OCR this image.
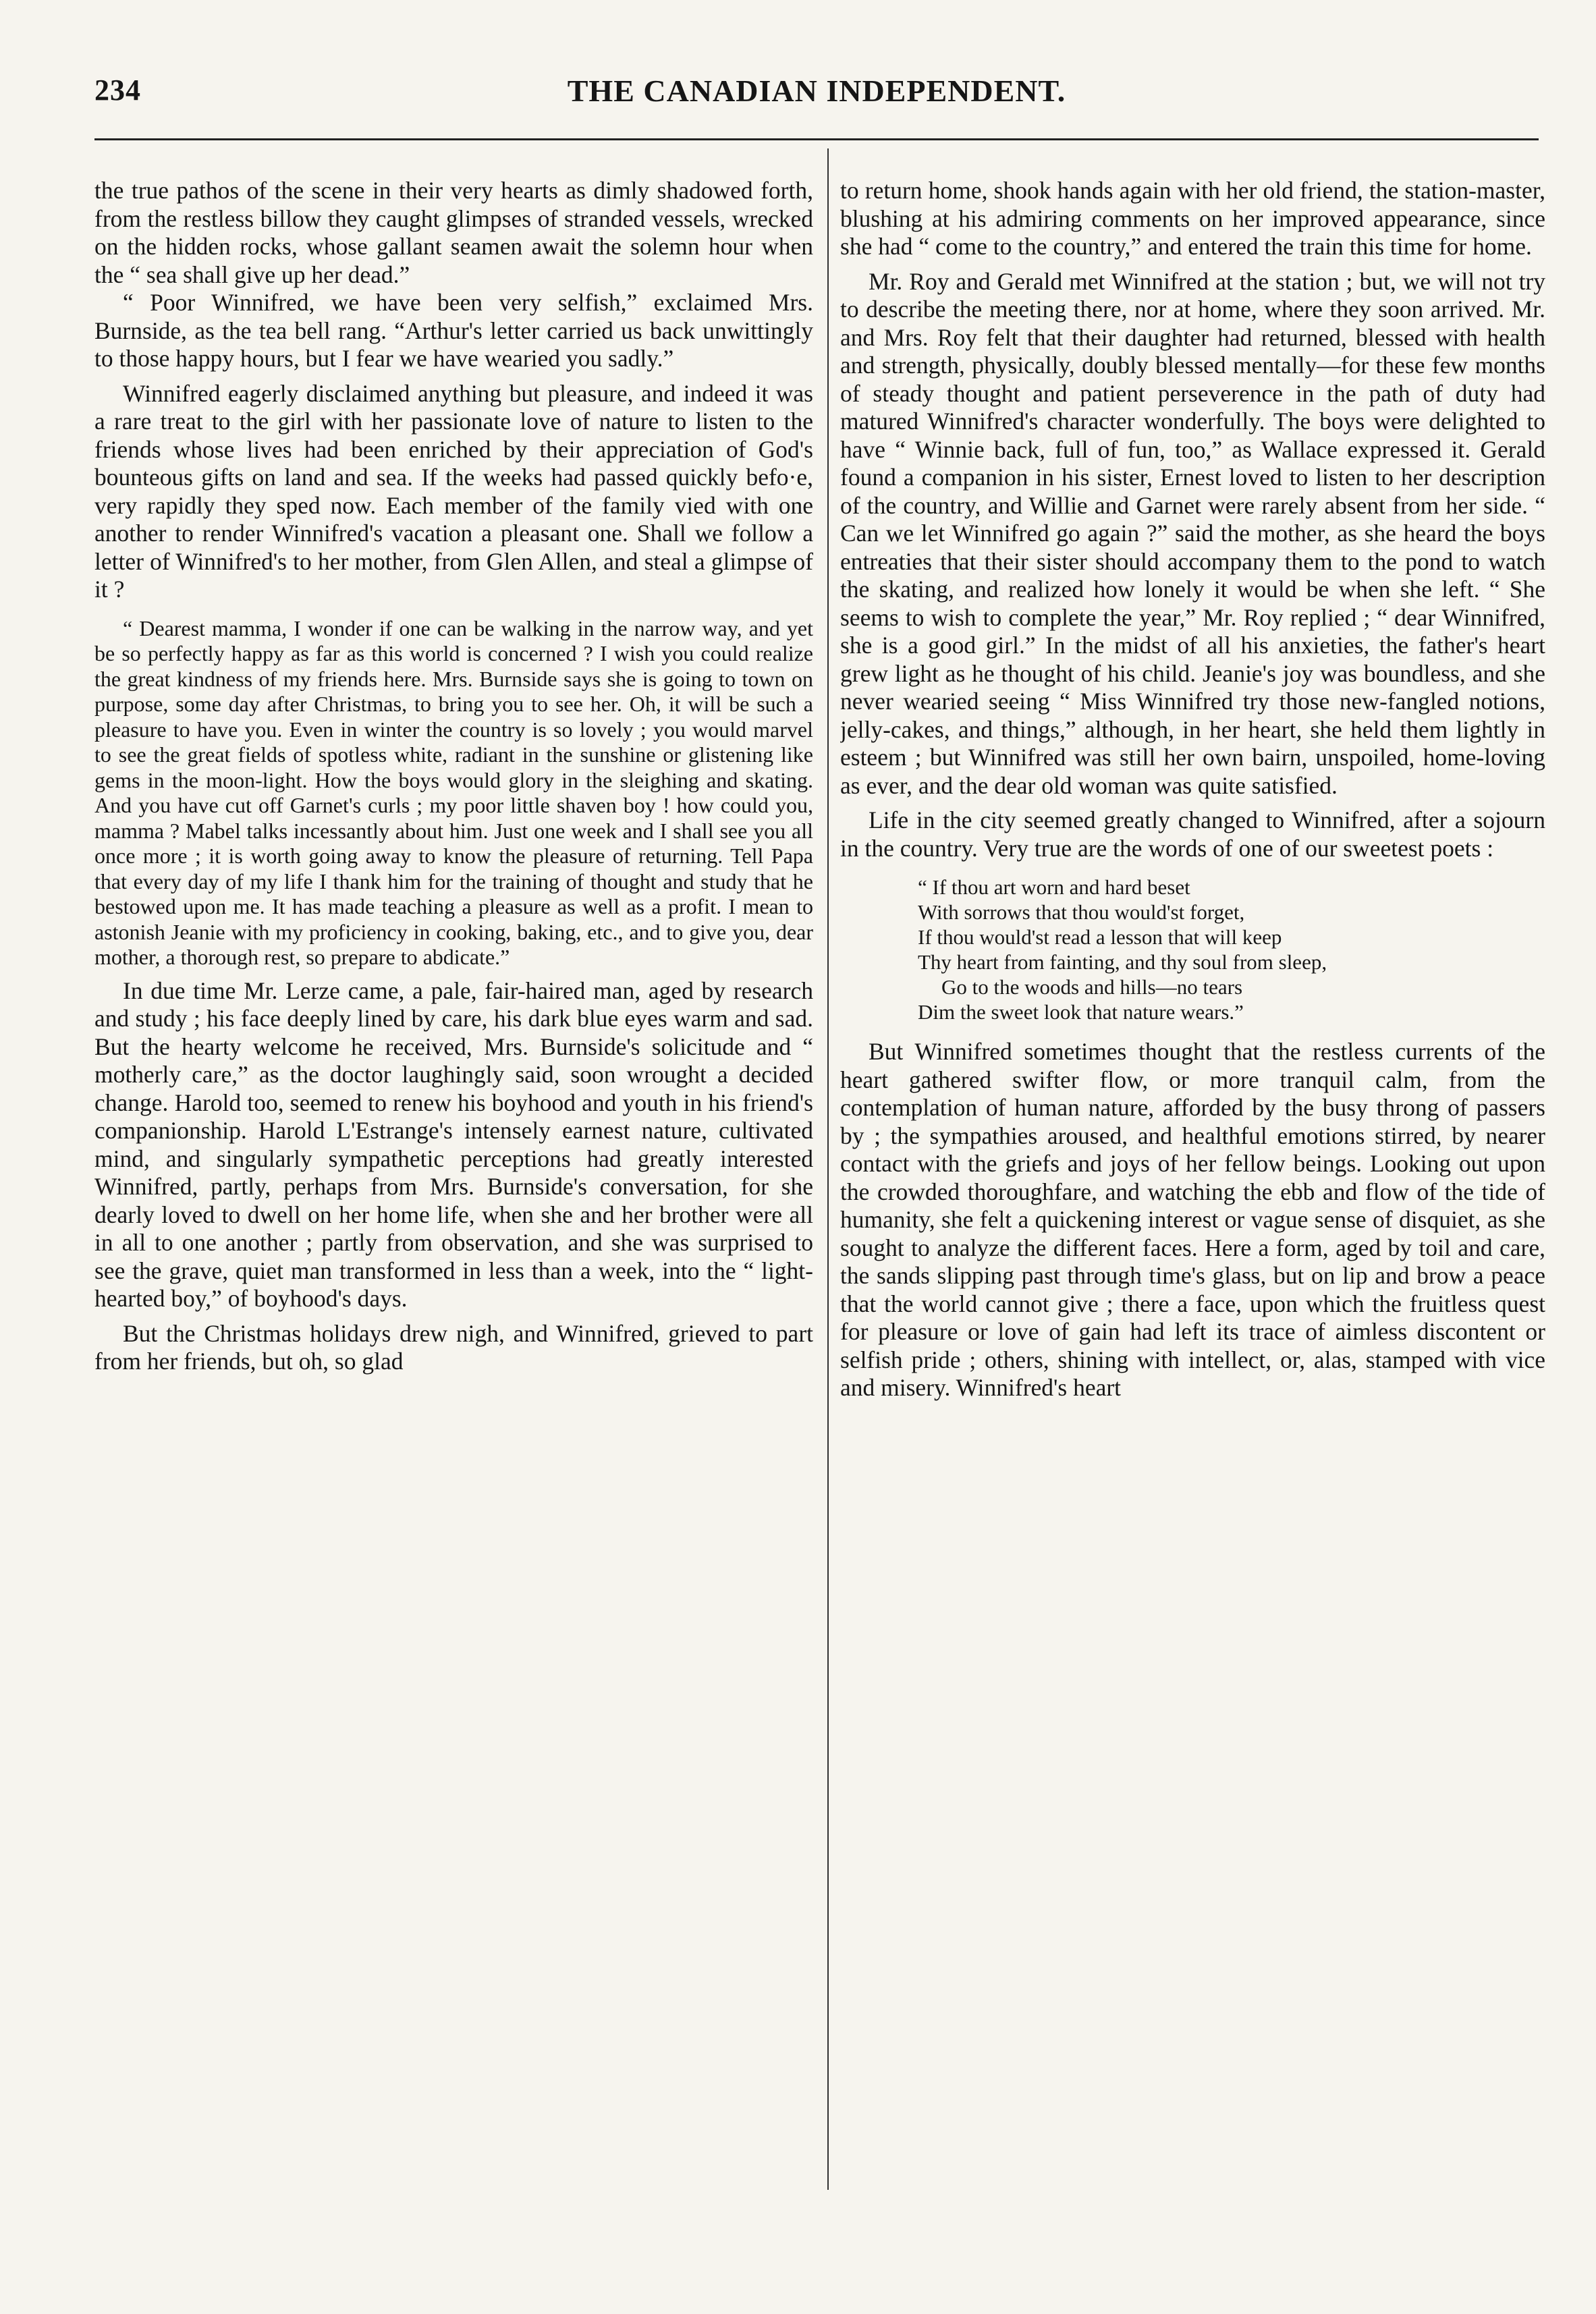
234	THE CANADIAN INDEPENDENT.

the true pathos of the scene in their very hearts as dimly shadowed forth, from the restless billow they caught glimpses of stranded vessels, wrecked on the hidden rocks, whose gallant seamen await the solemn hour when the “ sea shall give up her dead.”

“ Poor Winnifred, we have been very selfish,” exclaimed Mrs. Burnside, as the tea bell rang. “Arthur's letter carried us back unwittingly to those happy hours, but I fear we have wearied you sadly.”

Winnifred eagerly disclaimed anything but pleasure, and indeed it was a rare treat to the girl with her passionate love of nature to listen to the friends whose lives had been enriched by their appreciation of God's bounteous gifts on land and sea. If the weeks had passed quickly befo·e, very rapidly they sped now. Each member of the family vied with one another to render Winnifred's vacation a pleasant one. Shall we follow a letter of Winnifred's to her mother, from Glen Allen, and steal a glimpse of it ?

“ Dearest mamma, I wonder if one can be walking in the narrow way, and yet be so perfectly happy as far as this world is concerned ? I wish you could realize the great kindness of my friends here. Mrs. Burnside says she is going to town on purpose, some day after Christmas, to bring you to see her. Oh, it will be such a pleasure to have you. Even in winter the country is so lovely ; you would marvel to see the great fields of spotless white, radiant in the sunshine or glistening like gems in the moon-light. How the boys would glory in the sleighing and skating. And you have cut off Garnet's curls ; my poor little shaven boy ! how could you, mamma ? Mabel talks incessantly about him. Just one week and I shall see you all once more ; it is worth going away to know the pleasure of returning. Tell Papa that every day of my life I thank him for the training of thought and study that he bestowed upon me. It has made teaching a pleasure as well as a profit. I mean to astonish Jeanie with my proficiency in cooking, baking, etc., and to give you, dear mother, a thorough rest, so prepare to abdicate.”

In due time Mr. Lerze came, a pale, fair-haired man, aged by research and study ; his face deeply lined by care, his dark blue eyes warm and sad. But the hearty welcome he received, Mrs. Burnside's solicitude and “ motherly care,” as the doctor laughingly said, soon wrought a decided change. Harold too, seemed to renew his boyhood and youth in his friend's companionship. Harold L'Estrange's intensely earnest nature, cultivated mind, and singularly sympathetic perceptions had greatly interested Winnifred, partly, perhaps from Mrs. Burnside's conversation, for she dearly loved to dwell on her home life, when she and her brother were all in all to one another ; partly from observation, and she was surprised to see the grave, quiet man transformed in less than a week, into the “ light-hearted boy,” of boyhood's days.

But the Christmas holidays drew nigh, and Winnifred, grieved to part from her friends, but oh, so glad

to return home, shook hands again with her old friend, the station-master, blushing at his admiring comments on her improved appearance, since she had “ come to the country,” and entered the train this time for home.

Mr. Roy and Gerald met Winnifred at the station ; but, we will not try to describe the meeting there, nor at home, where they soon arrived. Mr. and Mrs. Roy felt that their daughter had returned, blessed with health and strength, physically, doubly blessed mentally—for these few months of steady thought and patient perseverence in the path of duty had matured Winnifred's character wonderfully. The boys were delighted to have “ Winnie back, full of fun, too,” as Wallace expressed it. Gerald found a companion in his sister, Ernest loved to listen to her description of the country, and Willie and Garnet were rarely absent from her side. “ Can we let Winnifred go again ?” said the mother, as she heard the boys entreaties that their sister should accompany them to the pond to watch the skating, and realized how lonely it would be when she left. “ She seems to wish to complete the year,” Mr. Roy replied ; “ dear Winnifred, she is a good girl.” In the midst of all his anxieties, the father's heart grew light as he thought of his child. Jeanie's joy was boundless, and she never wearied seeing “ Miss Winnifred try those new-fangled notions, jelly-cakes, and things,” although, in her heart, she held them lightly in esteem ; but Winnifred was still her own bairn, unspoiled, home-loving as ever, and the dear old woman was quite satisfied.

Life in the city seemed greatly changed to Winnifred, after a sojourn in the country. Very true are the words of one of our sweetest poets :

“ If thou art worn and hard beset
With sorrows that thou would'st forget,
If thou would'st read a lesson that will keep
Thy heart from fainting, and thy soul from sleep,
Go to the woods and hills—no tears
Dim the sweet look that nature wears.”

But Winnifred sometimes thought that the restless currents of the heart gathered swifter flow, or more tranquil calm, from the contemplation of human nature, afforded by the busy throng of passers by ; the sympathies aroused, and healthful emotions stirred, by nearer contact with the griefs and joys of her fellow beings. Looking out upon the crowded thoroughfare, and watching the ebb and flow of the tide of humanity, she felt a quickening interest or vague sense of disquiet, as she sought to analyze the different faces. Here a form, aged by toil and care, the sands slipping past through time's glass, but on lip and brow a peace that the world cannot give ; there a face, upon which the fruitless quest for pleasure or love of gain had left its trace of aimless discontent or selfish pride ; others, shining with intellect, or, alas, stamped with vice and misery. Winnifred's heart
